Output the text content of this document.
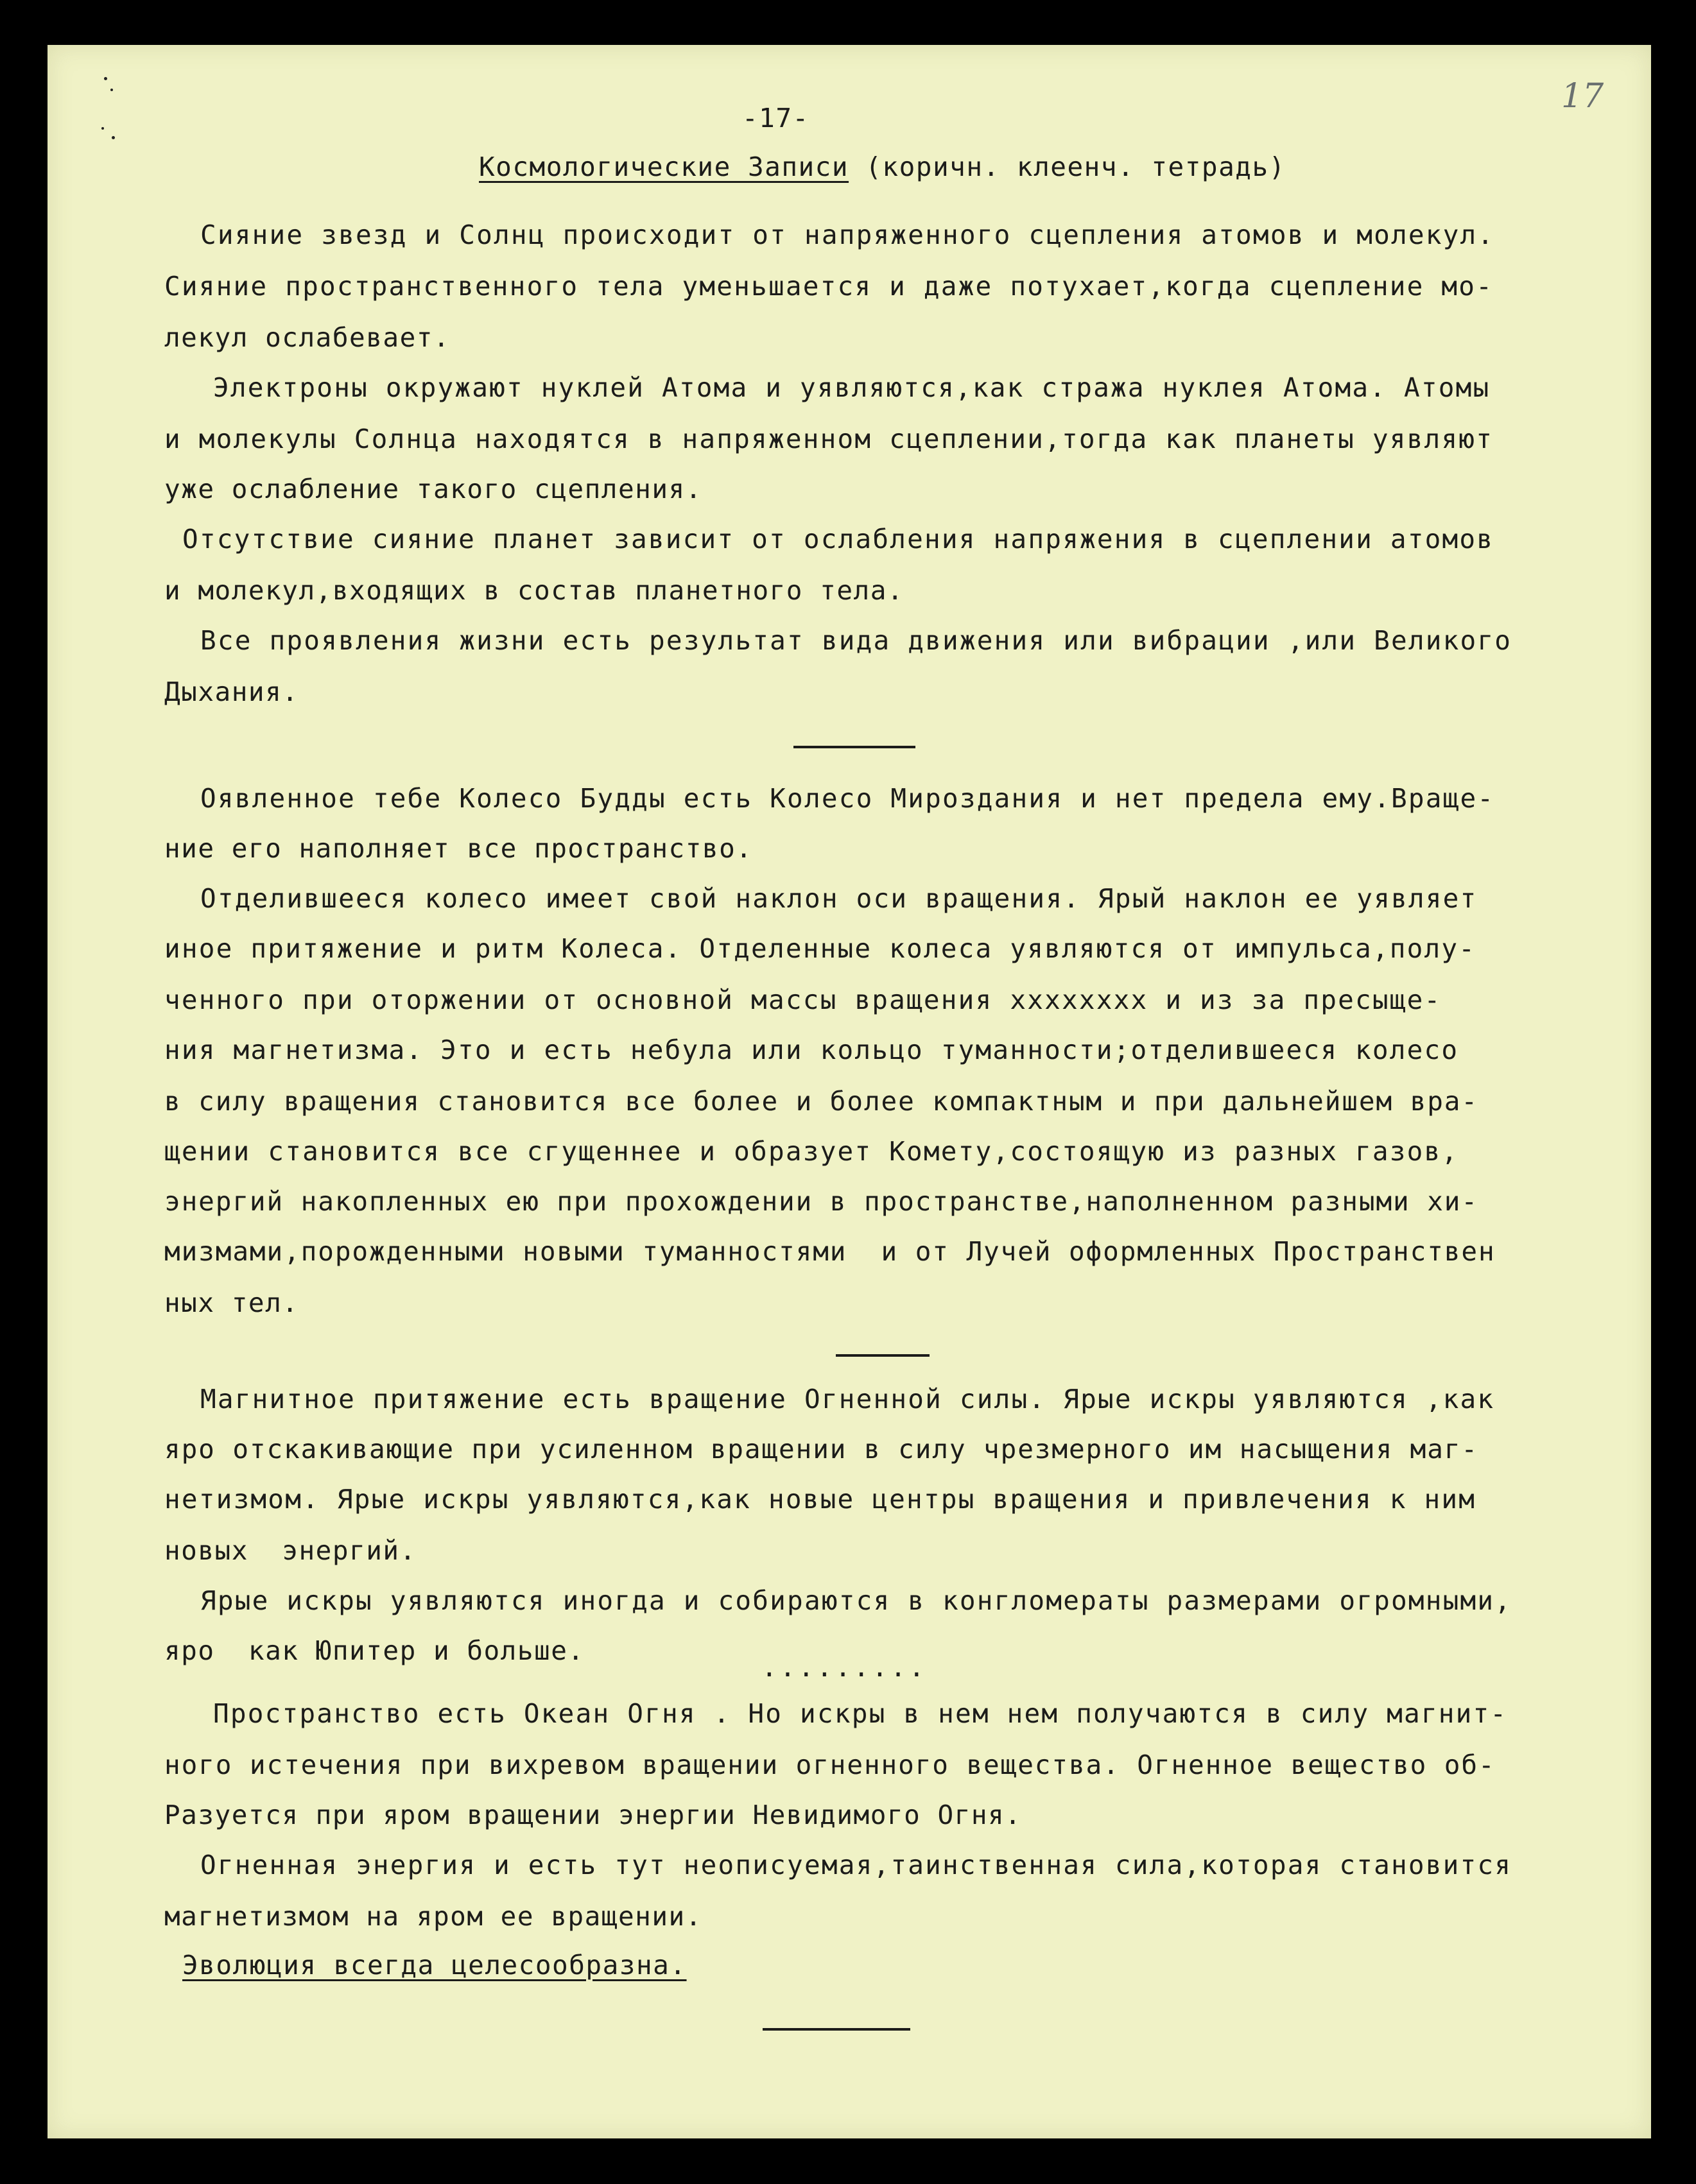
17
-17-
Космологические Записи (коричн. клеенч. тетрадь)
Сияние звезд и Солнц происходит от напряженного сцепления атомов и молекул.
Сияние пространственного тела уменьшается и даже потухает,когда сцепление мо-
лекул ослабевает.
Электроны окружают нуклей Атома и уявляются,как стража нуклея Атома. Атомы
и молекулы Солнца находятся в напряженном сцеплении,тогда как планеты уявляют
уже ослабление такого сцепления.
Отсутствие сияние планет зависит от ослабления напряжения в сцеплении атомов
и молекул,входящих в состав планетного тела.
Все проявления жизни есть результат вида движения или вибрации ,или Великого
Дыхания.
Оявленное тебе Колесо Будды есть Колесо Мироздания и нет предела ему.Враще-
ние его наполняет все пространство.
Отделившееся колесо имеет свой наклон оси вращения. Ярый наклон ее уявляет
иное притяжение и ритм Колеса. Отделенные колеса уявляются от импульса,полу-
ченного при оторжении от основной массы вращения хххххххх и из за пресыще-
ния магнетизма. Это и есть небула или кольцо туманности;отделившееся колесо
в силу вращения становится все более и более компактным и при дальнейшем вра-
щении становится все сгущеннее и образует Комету,состоящую из разных газов,
энергий накопленных ею при прохождении в пространстве,наполненном разными хи-
мизмами,порожденными новыми туманностями  и от Лучей оформленных Пространствен
ных тел.
Магнитное притяжение есть вращение Огненной силы. Ярые искры уявляются ,как
яро отскакивающие при усиленном вращении в силу чрезмерного им насыщения маг-
нетизмом. Ярые искры уявляются,как новые центры вращения и привлечения к ним
новых  энергий.
Ярые искры уявляются иногда и собираются в конгломераты размерами огромными,
яро  как Юпитер и больше.
.........
Пространство есть Океан Огня . Но искры в нем нем получаются в силу магнит-
ного истечения при вихревом вращении огненного вещества. Огненное вещество об-
Разуется при яром вращении энергии Невидимого Огня.
Огненная энергия и есть тут неописуемая,таинственная сила,которая становится
магнетизмом на яром ее вращении.
Эволюция всегда целесообразна.
